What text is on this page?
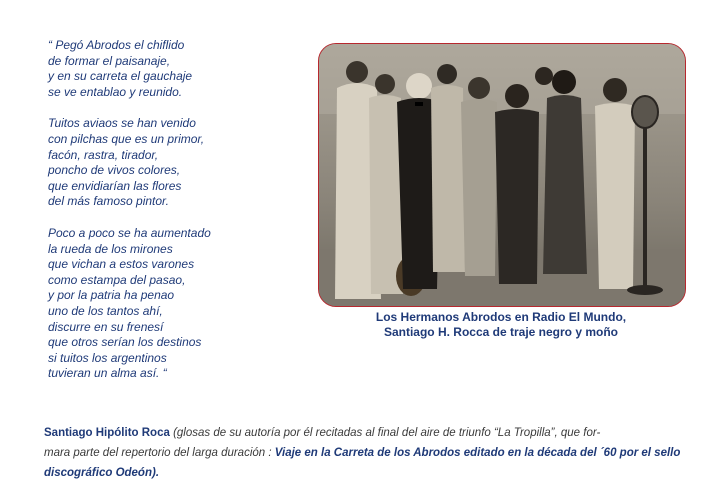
“ Pegó Abrodos el chiflido
de formar el paisanaje,
y en su carreta el gauchaje
se ve entablao y reunido.
Tuitos aviaos se han venido
con pilchas que es un primor,
facón, rastra, tirador,
poncho de vivos colores,
que envidiarían las flores
del más famoso pintor.
Poco a poco se ha aumentado
la rueda de los mirones
que vichan a estos varones
como estampa del pasao,
y por la patria ha penao
uno de los tantos ahí,
discurre en su frenesí
que otros serían los destinos
si tuitos los argentinos
tuvieran un alma así. “
Los Hermanos Abrodos en Radio El Mundo,
Santiago H. Rocca de traje negro y moño
Santiago Hipólito Roca (glosas de su autoría por él recitadas al final del aire de triunfo “La Tropilla”, que for-
mara parte del repertorio del larga duración : Viaje en la Carreta de los Abrodos editado en la década del ´60 por el sello discográfico Odeón).
